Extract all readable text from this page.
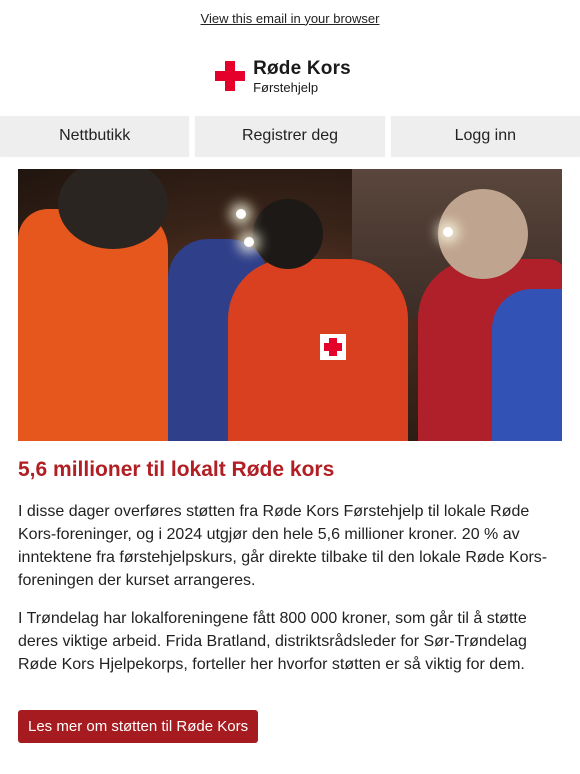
View this email in your browser
Røde Kors
Førstehjelp
Nettbutikk	Registrer deg	Logg inn
5,6 millioner til lokalt Røde kors

I disse dager overføres støtten fra Røde Kors Førstehjelp til lokale Røde Kors-foreninger, og i 2024 utgjør den hele 5,6 millioner kroner. 20 % av inntektene fra førstehjelpskurs, går direkte tilbake til den lokale Røde Kors-foreningen der kurset arrangeres.

I Trøndelag har lokalforeningene fått 800 000 kroner, som går til å støtte deres viktige arbeid. Frida Bratland, distriktsrådsleder for Sør-Trøndelag Røde Kors Hjelpekorps, forteller her hvorfor støtten er så viktig for dem.

Les mer om støtten til Røde Kors
